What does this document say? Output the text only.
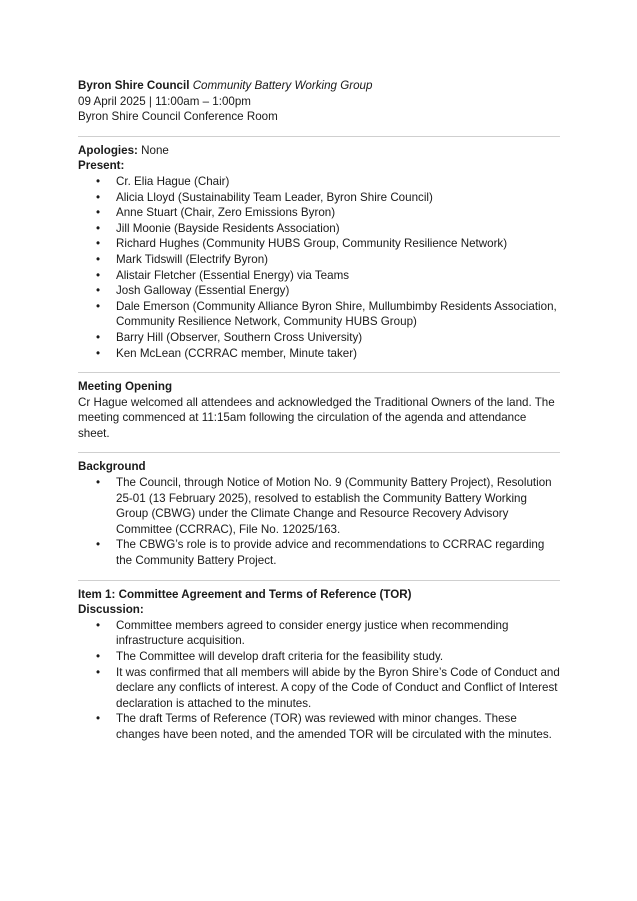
Byron Shire Council Community Battery Working Group
09 April 2025 | 11:00am – 1:00pm
Byron Shire Council Conference Room
Apologies: None
Present:
• Cr. Elia Hague (Chair)
• Alicia Lloyd (Sustainability Team Leader, Byron Shire Council)
• Anne Stuart (Chair, Zero Emissions Byron)
• Jill Moonie (Bayside Residents Association)
• Richard Hughes (Community HUBS Group, Community Resilience Network)
• Mark Tidswill (Electrify Byron)
• Alistair Fletcher (Essential Energy) via Teams
• Josh Galloway (Essential Energy)
• Dale Emerson (Community Alliance Byron Shire, Mullumbimby Residents Association, Community Resilience Network, Community HUBS Group)
• Barry Hill (Observer, Southern Cross University)
• Ken McLean (CCRRAC member, Minute taker)
Meeting Opening

Cr Hague welcomed all attendees and acknowledged the Traditional Owners of the land. The meeting commenced at 11:15am following the circulation of the agenda and attendance sheet.

Background
• The Council, through Notice of Motion No. 9 (Community Battery Project), Resolution 25-01 (13 February 2025), resolved to establish the Community Battery Working Group (CBWG) under the Climate Change and Resource Recovery Advisory Committee (CCRRAC), File No. 12025/163.
• The CBWG’s role is to provide advice and recommendations to CCRRAC regarding the Community Battery Project.
Item 1: Committee Agreement and Terms of Reference (TOR)
Discussion:
• Committee members agreed to consider energy justice when recommending infrastructure acquisition.
• The Committee will develop draft criteria for the feasibility study.
• It was confirmed that all members will abide by the Byron Shire’s Code of Conduct and declare any conflicts of interest. A copy of the Code of Conduct and Conflict of Interest declaration is attached to the minutes.
• The draft Terms of Reference (TOR) was reviewed with minor changes. These changes have been noted, and the amended TOR will be circulated with the minutes.
